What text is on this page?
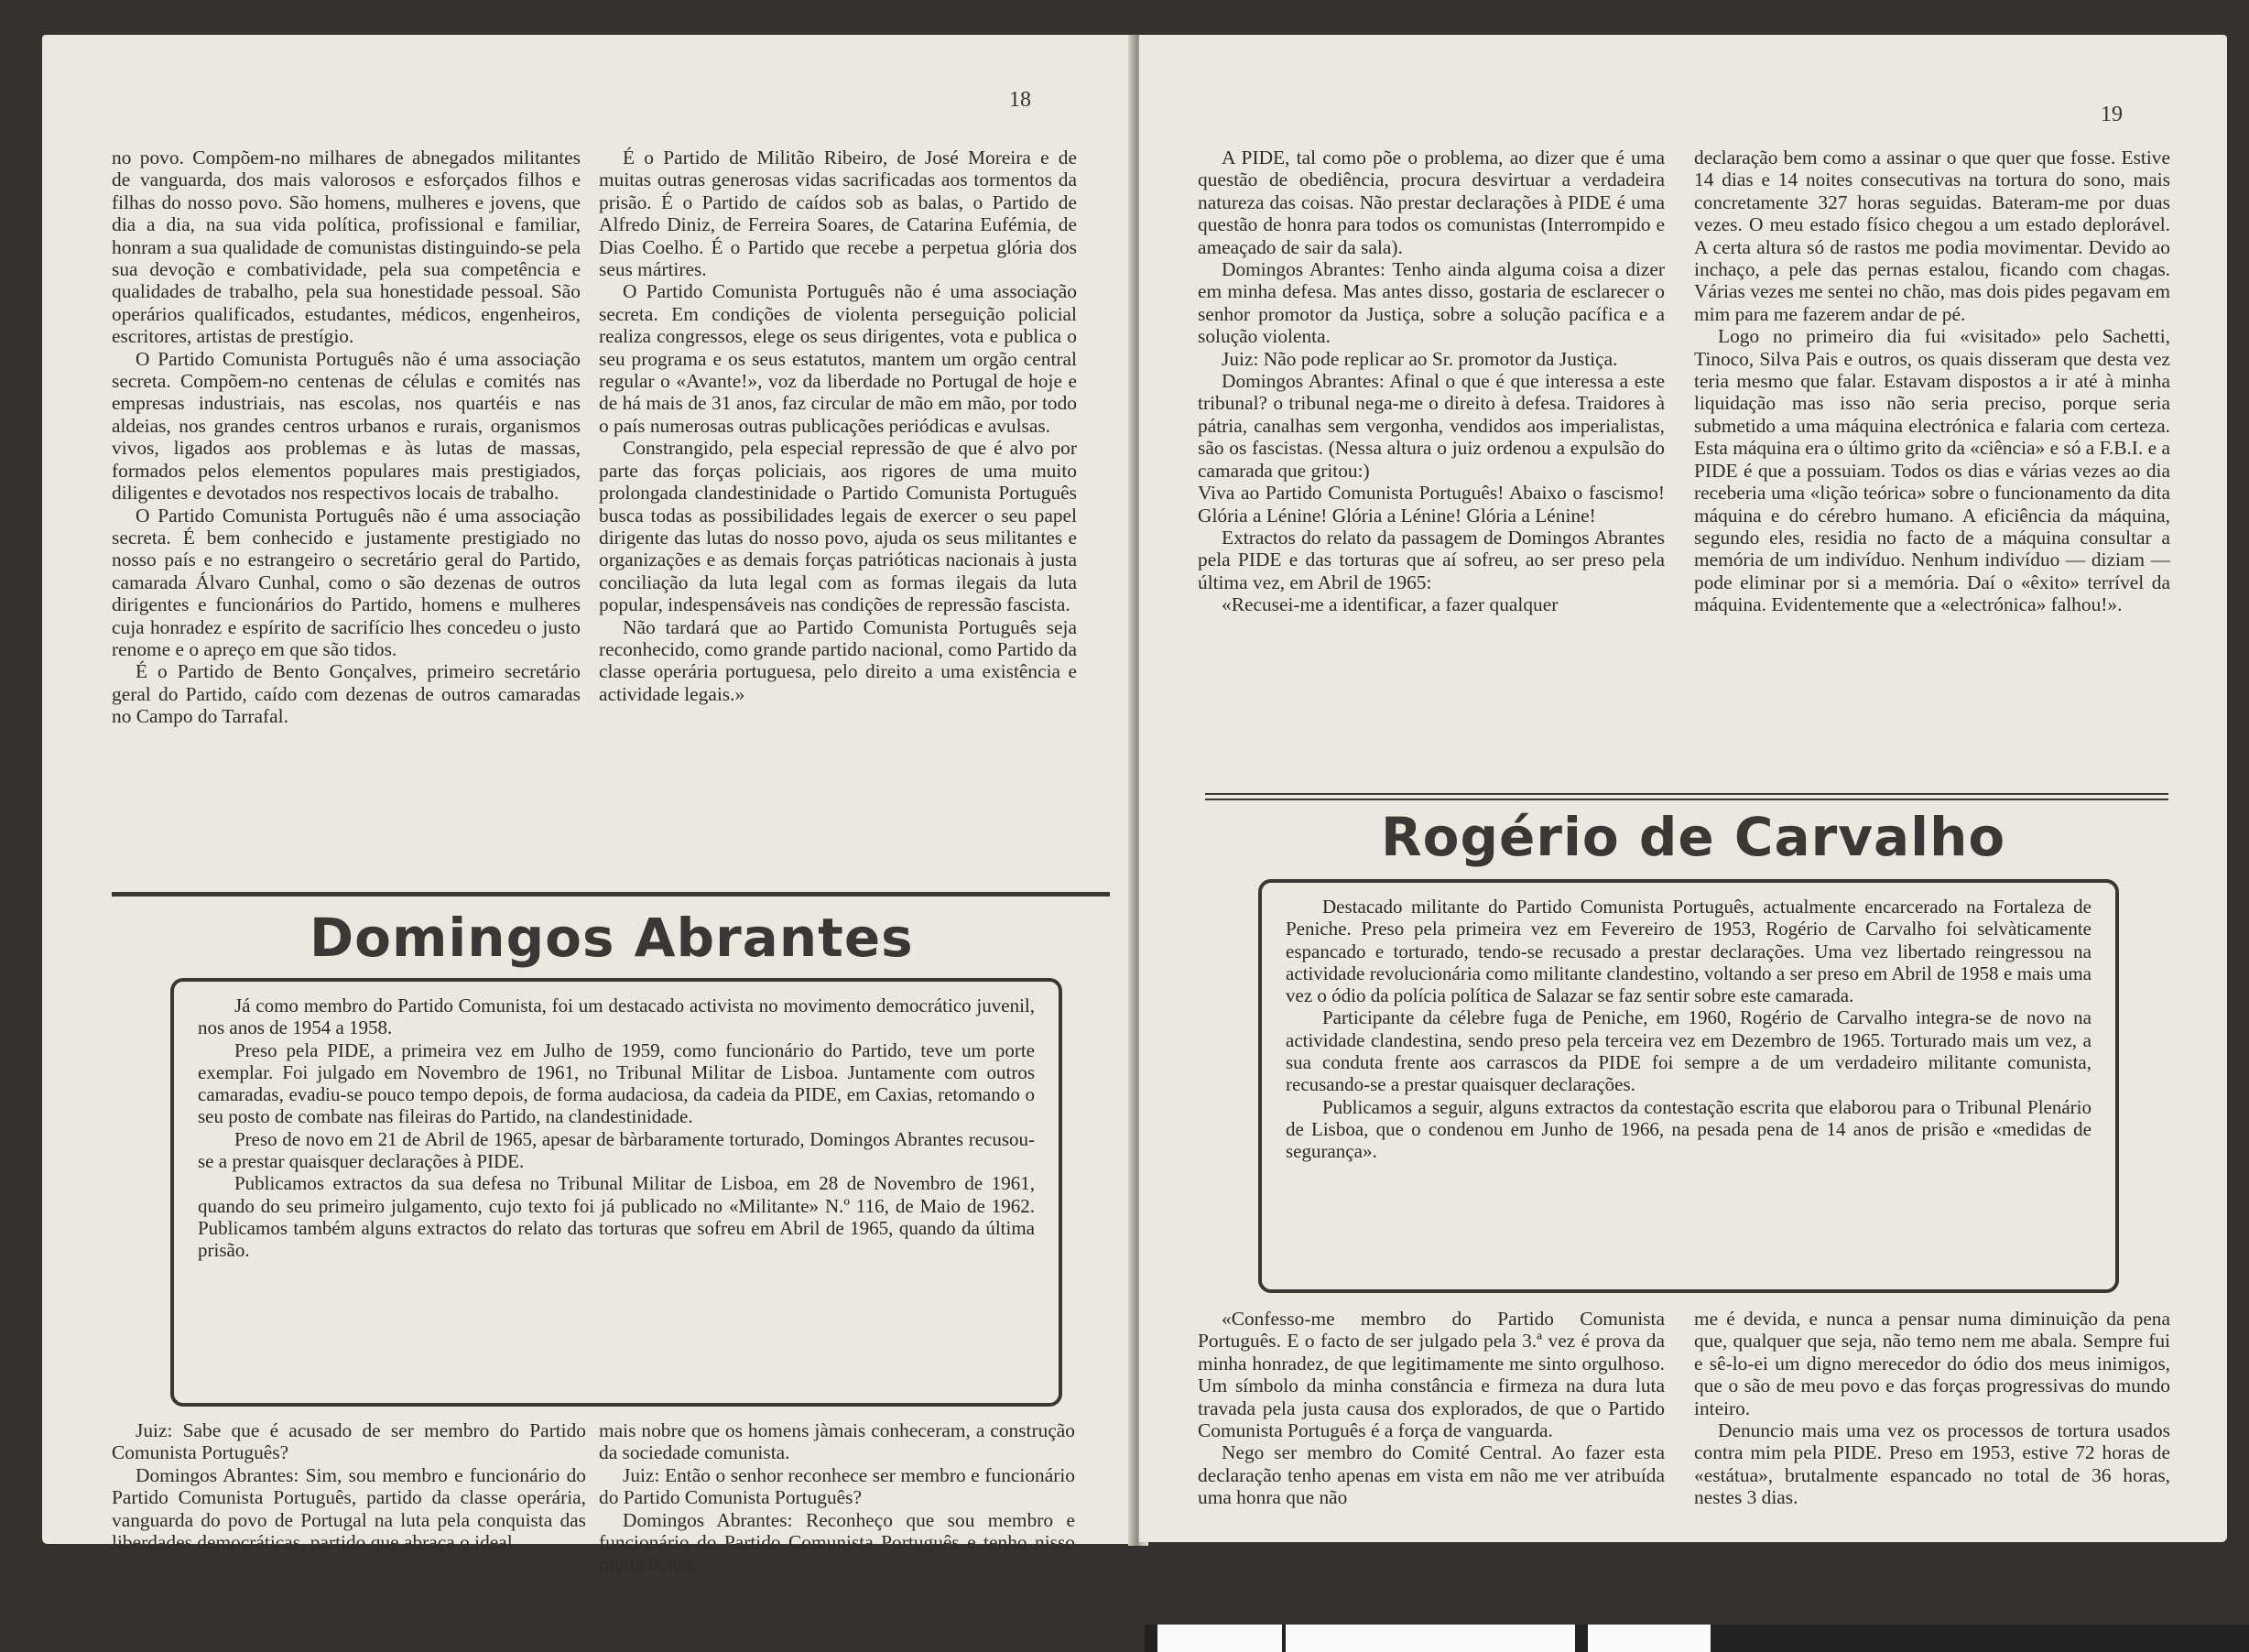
18

no povo. Compõem-no milhares de abnegados militantes de vanguarda, dos mais valorosos e esforçados filhos e filhas do nosso povo. São homens, mulheres e jovens, que dia a dia, na sua vida política, profissional e familiar, honram a sua qualidade de comunistas distinguindo-se pela sua devoção e combatividade, pela sua competência e qualidades de trabalho, pela sua honestidade pessoal. São operários qualificados, estudantes, médicos, engenheiros, escritores, artistas de prestígio.

O Partido Comunista Português não é uma associação secreta. Compõem-no centenas de células e comités nas empresas industriais, nas escolas, nos quartéis e nas aldeias, nos grandes centros urbanos e rurais, organismos vivos, ligados aos problemas e às lutas de massas, formados pelos elementos populares mais prestigiados, diligentes e devotados nos respectivos locais de trabalho.

O Partido Comunista Português não é uma associação secreta. É bem conhecido e justamente prestigiado no nosso país e no estrangeiro o secretário geral do Partido, camarada Álvaro Cunhal, como o são dezenas de outros dirigentes e funcionários do Partido, homens e mulheres cuja honradez e espírito de sacrifício lhes concedeu o justo renome e o apreço em que são tidos.

É o Partido de Bento Gonçalves, primeiro secretário geral do Partido, caído com dezenas de outros camaradas no Campo do Tarrafal.

É o Partido de Militão Ribeiro, de José Moreira e de muitas outras generosas vidas sacrificadas aos tormentos da prisão. É o Partido de caídos sob as balas, o Partido de Alfredo Diniz, de Ferreira Soares, de Catarina Eufémia, de Dias Coelho. É o Partido que recebe a perpetua glória dos seus mártires.

O Partido Comunista Português não é uma associação secreta. Em condições de violenta perseguição policial realiza congressos, elege os seus dirigentes, vota e publica o seu programa e os seus estatutos, mantem um orgão central regular o «Avante!», voz da liberdade no Portugal de hoje e de há mais de 31 anos, faz circular de mão em mão, por todo o país numerosas outras publicações periódicas e avulsas.

Constrangido, pela especial repressão de que é alvo por parte das forças policiais, aos rigores de uma muito prolongada clandestinidade o Partido Comunista Português busca todas as possibilidades legais de exercer o seu papel dirigente das lutas do nosso povo, ajuda os seus militantes e organizações e as demais forças patrióticas nacionais à justa conciliação da luta legal com as formas ilegais da luta popular, indespensáveis nas condições de repressão fascista.

Não tardará que ao Partido Comunista Português seja reconhecido, como grande partido nacional, como Partido da classe operária portuguesa, pelo direito a uma existência e actividade legais.»

Domingos Abrantes

Já como membro do Partido Comunista, foi um destacado activista no movimento democrático juvenil, nos anos de 1954 a 1958.

Preso pela PIDE, a primeira vez em Julho de 1959, como funcionário do Partido, teve um porte exemplar. Foi julgado em Novembro de 1961, no Tribunal Militar de Lisboa. Juntamente com outros camaradas, evadiu-se pouco tempo depois, de forma audaciosa, da cadeia da PIDE, em Caxias, retomando o seu posto de combate nas fileiras do Partido, na clandestinidade.

Preso de novo em 21 de Abril de 1965, apesar de bàrbaramente torturado, Domingos Abrantes recusou-se a prestar quaisquer declarações à PIDE.

Publicamos extractos da sua defesa no Tribunal Militar de Lisboa, em 28 de Novembro de 1961, quando do seu primeiro julgamento, cujo texto foi já publicado no «Militante» N.º 116, de Maio de 1962. Publicamos também alguns extractos do relato das torturas que sofreu em Abril de 1965, quando da última prisão.

Juiz: Sabe que é acusado de ser membro do Partido Comunista Português?

Domingos Abrantes: Sim, sou membro e funcionário do Partido Comunista Português, partido da classe operária, vanguarda do povo de Portugal na luta pela conquista das liberdades democráticas, partido que abraça o ideal

mais nobre que os homens jàmais conheceram, a construção da sociedade comunista.

Juiz: Então o senhor reconhece ser membro e funcionário do Partido Comunista Português?

Domingos Abrantes: Reconheço que sou membro e funcionário do Partido Comunista Português e tenho nisso muita honra.

19

A PIDE, tal como põe o problema, ao dizer que é uma questão de obediência, procura desvirtuar a verdadeira natureza das coisas. Não prestar declarações à PIDE é uma questão de honra para todos os comunistas (Interrompido e ameaçado de sair da sala).

Domingos Abrantes: Tenho ainda alguma coisa a dizer em minha defesa. Mas antes disso, gostaria de esclarecer o senhor promotor da Justiça, sobre a solução pacífica e a solução violenta.

Juiz: Não pode replicar ao Sr. promotor da Justiça.

Domingos Abrantes: Afinal o que é que interessa a este tribunal? o tribunal nega-me o direito à defesa. Traidores à pátria, canalhas sem vergonha, vendidos aos imperialistas, são os fascistas. (Nessa altura o juiz ordenou a expulsão do camarada que gritou:)

Viva ao Partido Comunista Português! Abaixo o fascismo! Glória a Lénine! Glória a Lénine! Glória a Lénine!

Extractos do relato da passagem de Domingos Abrantes pela PIDE e das torturas que aí sofreu, ao ser preso pela última vez, em Abril de 1965:

«Recusei-me a identificar, a fazer qualquer

declaração bem como a assinar o que quer que fosse. Estive 14 dias e 14 noites consecutivas na tortura do sono, mais concretamente 327 horas seguidas. Bateram-me por duas vezes. O meu estado físico chegou a um estado deplorável. A certa altura só de rastos me podia movimentar. Devido ao inchaço, a pele das pernas estalou, ficando com chagas. Várias vezes me sentei no chão, mas dois pides pegavam em mim para me fazerem andar de pé.

Logo no primeiro dia fui «visitado» pelo Sachetti, Tinoco, Silva Pais e outros, os quais disseram que desta vez teria mesmo que falar. Estavam dispostos a ir até à minha liquidação mas isso não seria preciso, porque seria submetido a uma máquina electrónica e falaria com certeza. Esta máquina era o último grito da «ciência» e só a F.B.I. e a PIDE é que a possuiam. Todos os dias e várias vezes ao dia receberia uma «lição teórica» sobre o funcionamento da dita máquina e do cérebro humano. A eficiência da máquina, segundo eles, residia no facto de a máquina consultar a memória de um indivíduo. Nenhum indivíduo — diziam — pode eliminar por si a memória. Daí o «êxito» terrível da máquina. Evidentemente que a «electrónica» falhou!».

Rogério de Carvalho

Destacado militante do Partido Comunista Português, actualmente encarcerado na Fortaleza de Peniche. Preso pela primeira vez em Fevereiro de 1953, Rogério de Carvalho foi selvàticamente espancado e torturado, tendo-se recusado a prestar declarações. Uma vez libertado reingressou na actividade revolucionária como militante clandestino, voltando a ser preso em Abril de 1958 e mais uma vez o ódio da polícia política de Salazar se faz sentir sobre este camarada.

Participante da célebre fuga de Peniche, em 1960, Rogério de Carvalho integra-se de novo na actividade clandestina, sendo preso pela terceira vez em Dezembro de 1965. Torturado mais um vez, a sua conduta frente aos carrascos da PIDE foi sempre a de um verdadeiro militante comunista, recusando-se a prestar quaisquer declarações.

Publicamos a seguir, alguns extractos da contestação escrita que elaborou para o Tribunal Plenário de Lisboa, que o condenou em Junho de 1966, na pesada pena de 14 anos de prisão e «medidas de segurança».

«Confesso-me membro do Partido Comunista Português. E o facto de ser julgado pela 3.ª vez é prova da minha honradez, de que legitimamente me sinto orgulhoso. Um símbolo da minha constância e firmeza na dura luta travada pela justa causa dos explorados, de que o Partido Comunista Português é a força de vanguarda.

Nego ser membro do Comité Central. Ao fazer esta declaração tenho apenas em vista em não me ver atribuída uma honra que não

me é devida, e nunca a pensar numa diminuição da pena que, qualquer que seja, não temo nem me abala. Sempre fui e sê-lo-ei um digno merecedor do ódio dos meus inimigos, que o são de meu povo e das forças progressivas do mundo inteiro.

Denuncio mais uma vez os processos de tortura usados contra mim pela PIDE. Preso em 1953, estive 72 horas de «estátua», brutalmente espancado no total de 36 horas, nestes 3 dias.
